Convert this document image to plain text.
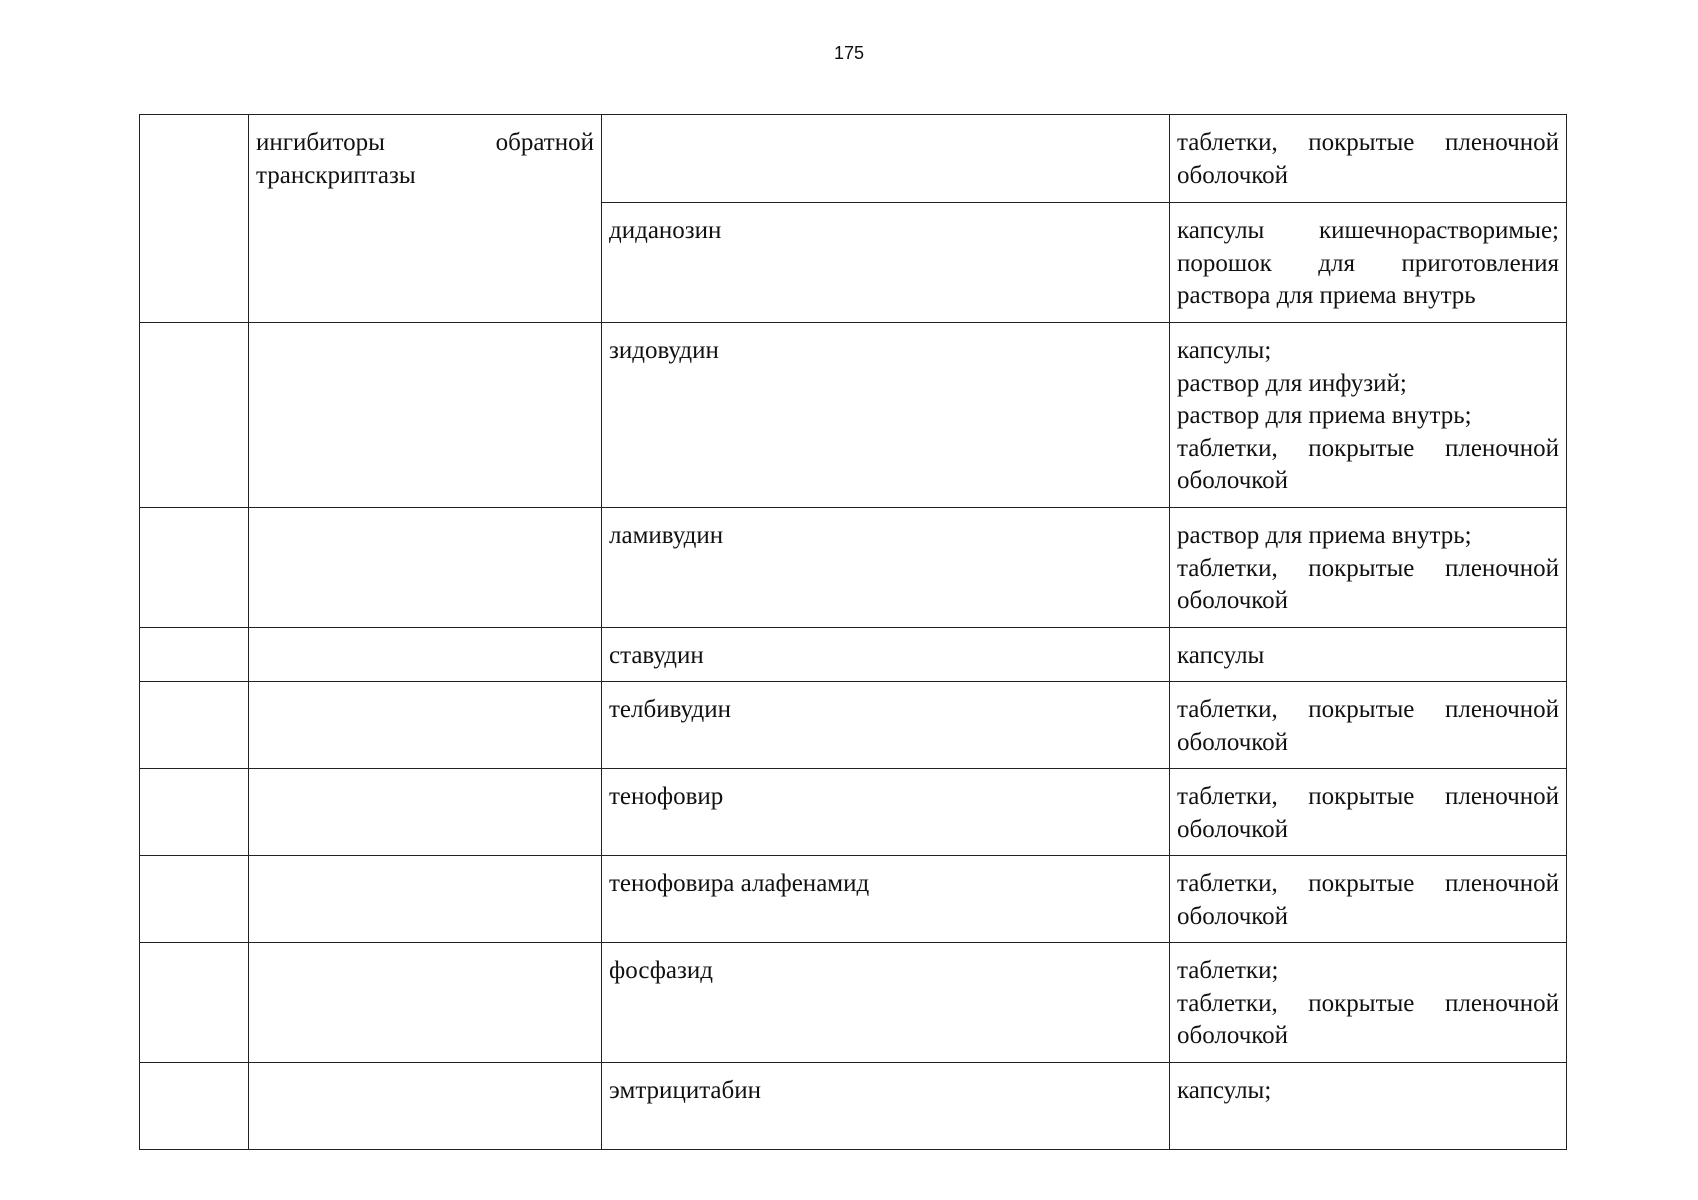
175

	ингибиторы обратной
транскриптазы		таблетки, покрытые пленочной оболочкой
		диданозин	капсулы кишечнорастворимые; порошок для приготовления раствора для приема внутрь
		зидовудин	капсулы;
раствор для инфузий;
раствор для приема внутрь;
таблетки, покрытые пленочной оболочкой
		ламивудин	раствор для приема внутрь;
таблетки, покрытые пленочной оболочкой
		ставудин	капсулы
		телбивудин	таблетки, покрытые пленочной оболочкой
		тенофовир	таблетки, покрытые пленочной оболочкой
		тенофовира алафенамид	таблетки, покрытые пленочной оболочкой
		фосфазид	таблетки;
таблетки, покрытые пленочной оболочкой
		эмтрицитабин	капсулы;
